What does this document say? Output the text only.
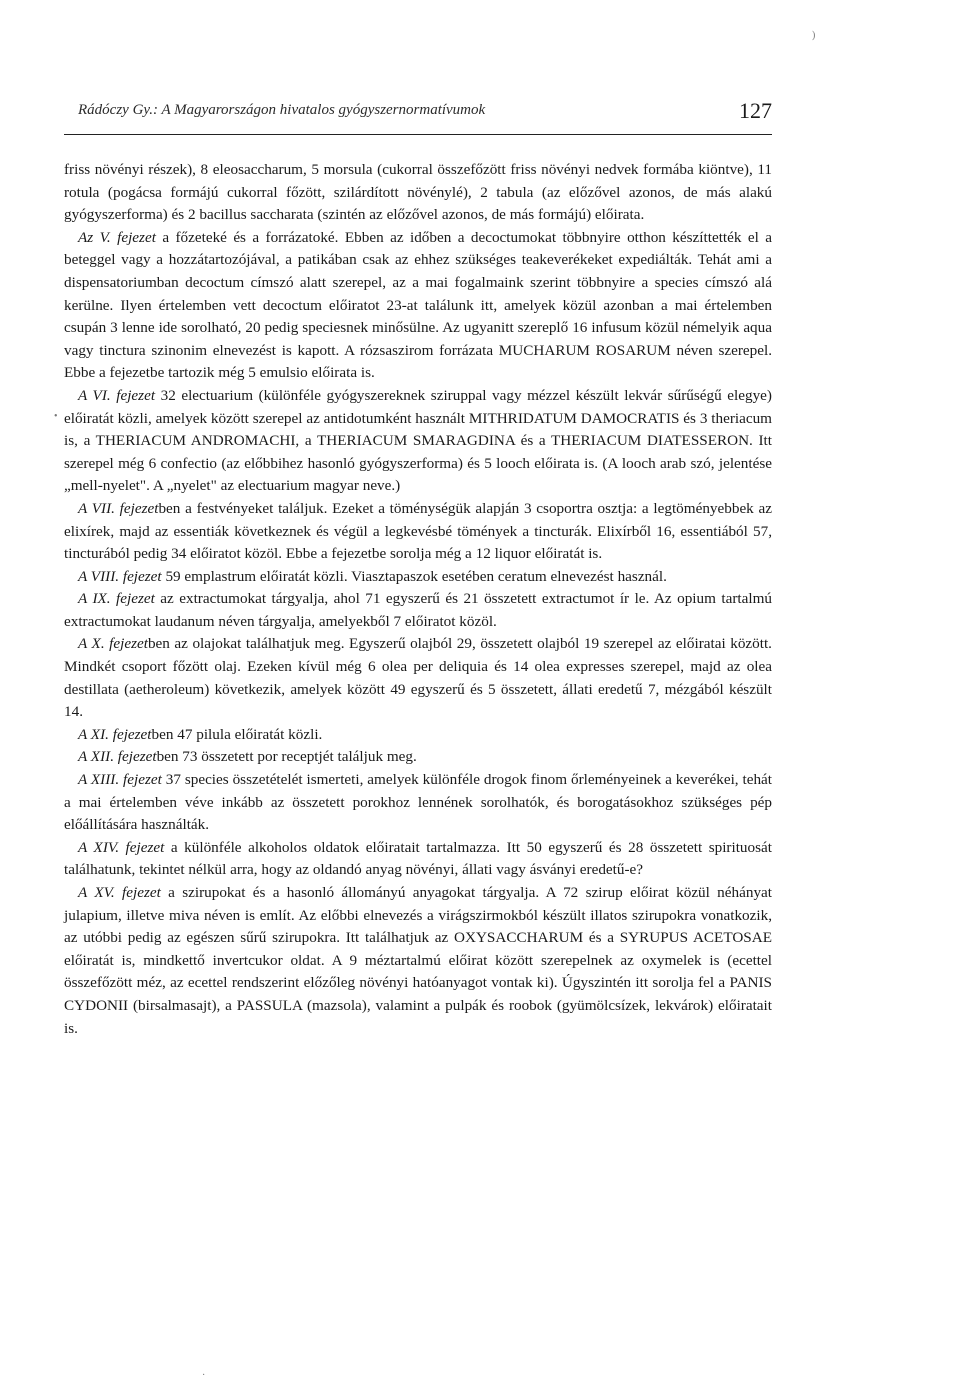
Rádóczy Gy.: A Magyarországon hivatalos gyógyszernormatívumok	127

friss növényi részek), 8 eleosaccharum, 5 morsula (cukorral összefőzött friss növényi nedvek formába kiöntve), 11 rotula (pogácsa formájú cukorral főzött, szilárdított növénylé), 2 tabula (az előzővel azonos, de más alakú gyógyszerforma) és 2 bacillus saccharata (szintén az előzővel azonos, de más formájú) előirata.

Az V. fejezet a főzeteké és a forrázatoké. Ebben az időben a decoctumokat többnyire otthon készíttették el a beteggel vagy a hozzátartozójával, a patikában csak az ehhez szükséges teakeverékeket expediálták. Tehát ami a dispensatoriumban decoctum címszó alatt szerepel, az a mai fogalmaink szerint többnyire a species címszó alá kerülne. Ilyen értelemben vett decoctum előiratot 23-at találunk itt, amelyek közül azonban a mai értelemben csupán 3 lenne ide sorolható, 20 pedig speciesnek minősülne. Az ugyanitt szereplő 16 infusum közül némelyik aqua vagy tinctura szinonim elnevezést is kapott. A rózsaszirom forrázata MUCHARUM ROSARUM néven szerepel. Ebbe a fejezetbe tartozik még 5 emulsio előirata is.

A VI. fejezet 32 electuarium (különféle gyógyszereknek sziruppal vagy mézzel készült lekvár sűrűségű elegye) előiratát közli, amelyek között szerepel az antidotumként használt MITHRIDATUM DAMOCRATIS és 3 theriacum is, a THERIACUM ANDROMACHI, a THERIACUM SMARAGDINA és a THERIACUM DIATESSERON. Itt szerepel még 6 confectio (az előbbihez hasonló gyógyszerforma) és 5 looch előirata is. (A looch arab szó, jelentése „mell-nyelet". A „nyelet" az electuarium magyar neve.)

A VII. fejezetben a festvényeket találjuk. Ezeket a töménységük alapján 3 csoportra osztja: a legtöményebbek az elixírek, majd az essentiák következnek és végül a legkevésbé tömények a tincturák. Elixírből 16, essentiából 57, tincturából pedig 34 előiratot közöl. Ebbe a fejezetbe sorolja még a 12 liquor előiratát is.

A VIII. fejezet 59 emplastrum előiratát közli. Viasztapaszok esetében ceratum elnevezést használ.

A IX. fejezet az extractumokat tárgyalja, ahol 71 egyszerű és 21 összetett extractumot ír le. Az opium tartalmú extractumokat laudanum néven tárgyalja, amelyekből 7 előiratot közöl.

A X. fejezetben az olajokat találhatjuk meg. Egyszerű olajból 29, összetett olajból 19 szerepel az előiratai között. Mindkét csoport főzött olaj. Ezeken kívül még 6 olea per deliquia és 14 olea expresses szerepel, majd az olea destillata (aetheroleum) következik, amelyek között 49 egyszerű és 5 összetett, állati eredetű 7, mézgából készült 14.

A XI. fejezetben 47 pilula előiratát közli.

A XII. fejezetben 73 összetett por receptjét találjuk meg.

A XIII. fejezet 37 species összetételét ismerteti, amelyek különféle drogok finom őrleményeinek a keverékei, tehát a mai értelemben véve inkább az összetett porokhoz lennének sorolhatók, és borogatásokhoz szükséges pép előállítására használták.

A XIV. fejezet a különféle alkoholos oldatok előiratait tartalmazza. Itt 50 egyszerű és 28 összetett spirituosát találhatunk, tekintet nélkül arra, hogy az oldandó anyag növényi, állati vagy ásványi eredetű-e?

A XV. fejezet a szirupokat és a hasonló állományú anyagokat tárgyalja. A 72 szirup előirat közül néhányat julapium, illetve miva néven is említ. Az előbbi elnevezés a virágszirmokból készült illatos szirupokra vonatkozik, az utóbbi pedig az egészen sűrű szirupokra. Itt találhatjuk az OXYSACCHARUM és a SYRUPUS ACETOSAE előiratát is, mindkettő invertcukor oldat. A 9 méztartalmú előirat között szerepelnek az oxymelek is (ecettel összefőzött méz, az ecettel rendszerint előzőleg növényi hatóanyagot vontak ki). Úgyszintén itt sorolja fel a PANIS CYDONII (birsalmasajt), a PASSULA (mazsola), valamint a pulpák és roobok (gyümölcsízek, lekvárok) előiratait is.

•
)
·
